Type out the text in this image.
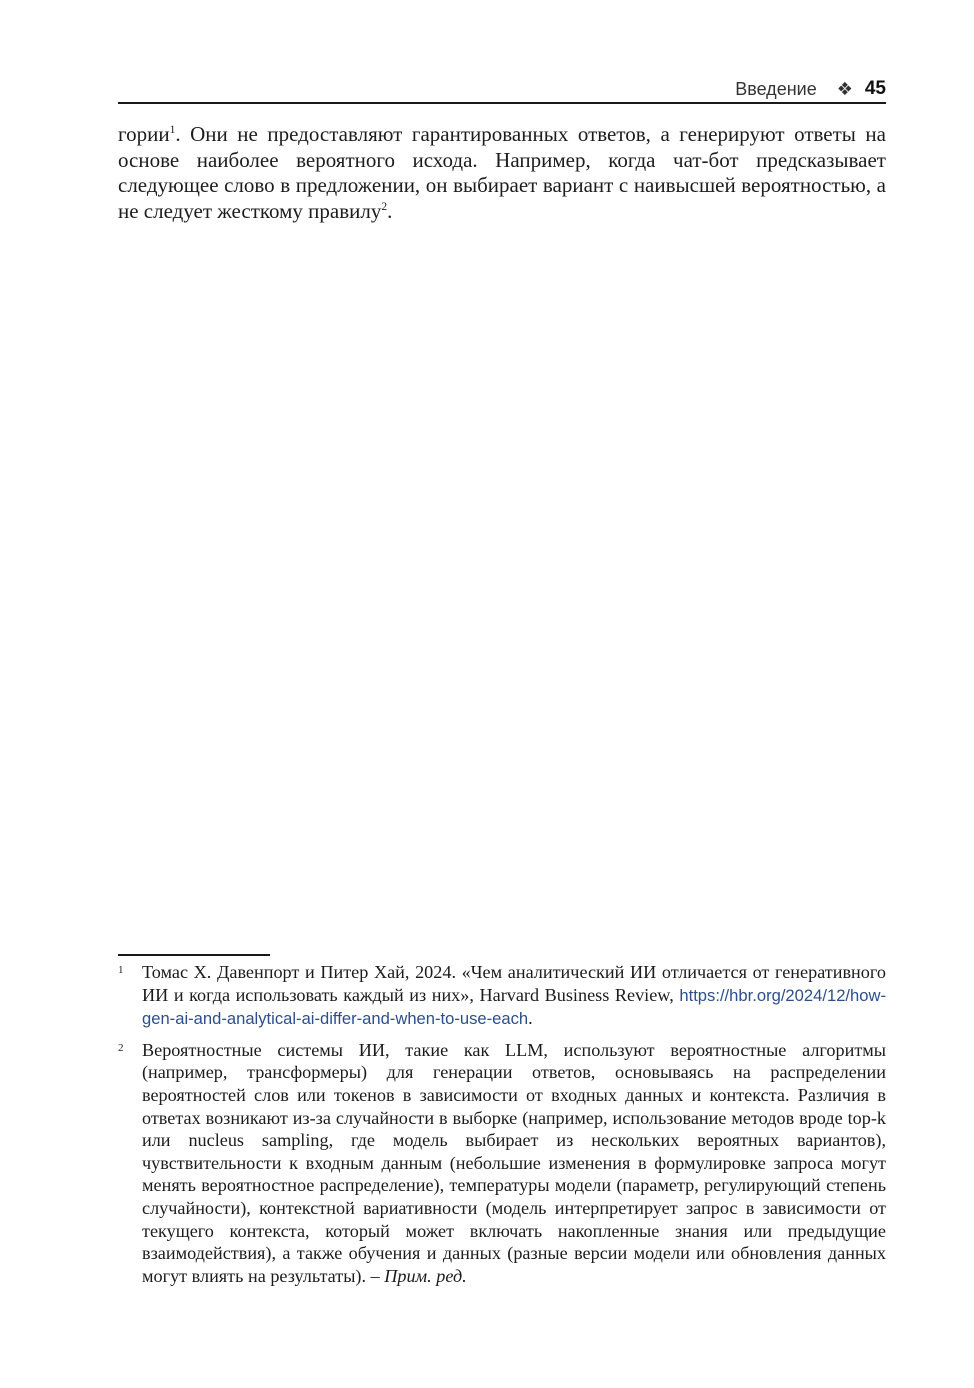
Введение ❖ 45

гории$^1$. Они не предоставляют гарантированных ответов, а генерируют ответы на основе наиболее вероятного исхода. Например, когда чат-бот предсказывает следующее слово в предложении, он выбирает вариант с наивысшей вероятностью, а не следует жесткому правилу$^2$.

1 Томас Х. Давенпорт и Питер Хай, 2024. «Чем аналитический ИИ отличается от генеративного ИИ и когда использовать каждый из них», Harvard Business Review, https://hbr.org/2024/12/how-gen-ai-and-analytical-ai-differ-and-when-to-use-each.

2 Вероятностные системы ИИ, такие как LLM, используют вероятностные алгоритмы (например, трансформеры) для генерации ответов, основываясь на распределении вероятностей слов или токенов в зависимости от входных данных и контекста. Различия в ответах возникают из-за случайности в выборке (например, использование методов вроде top-k или nucleus sampling, где модель выбирает из нескольких вероятных вариантов), чувствительности к входным данным (небольшие изменения в формулировке запроса могут менять вероятностное распределение), температуры модели (параметр, регулирующий степень случайности), контекстной вариативности (модель интерпретирует запрос в зависимости от текущего контекста, который может включать накопленные знания или предыдущие взаимодействия), а также обучения и данных (разные версии модели или обновления данных могут влиять на результаты). – Прим. ред.
